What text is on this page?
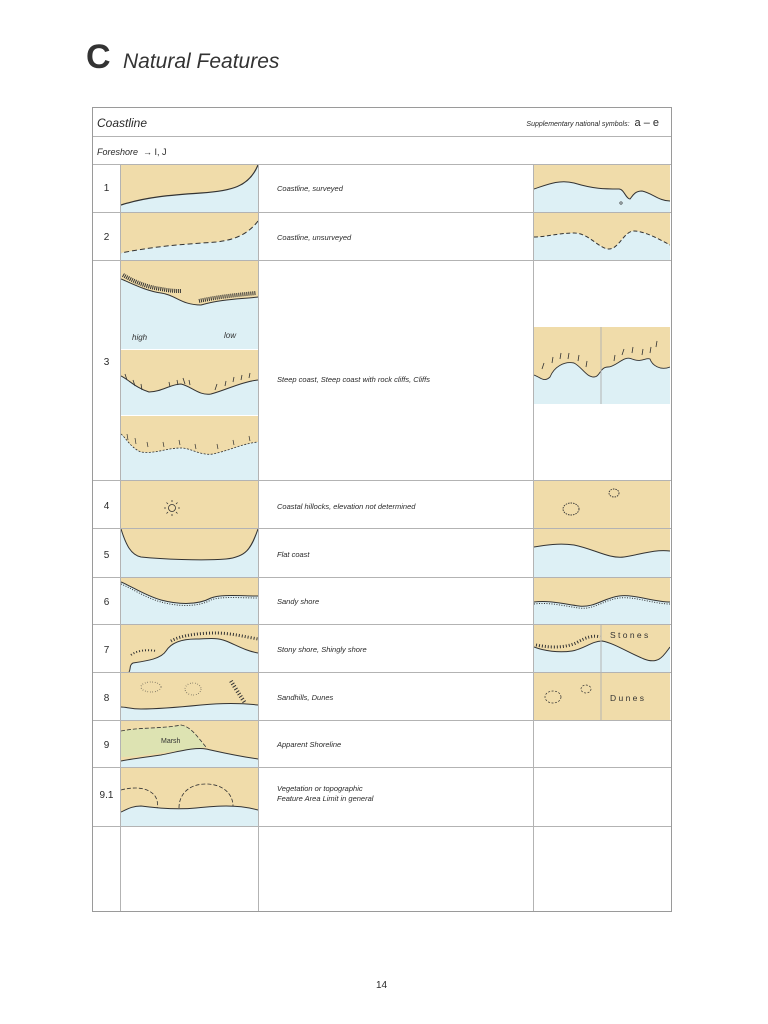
C Natural Features
Coastline	Supplementary national symbols: a – e
Foreshore → I, J
1
2
3
4
5
6
7
8
9
9.1
Coastline, surveyed
Coastline, unsurveyed
Steep coast, Steep coast with rock cliffs, Cliffs
Coastal hillocks, elevation not determined
Flat coast
Sandy shore
Stony shore, Shingly shore
Sandhills, Dunes
Apparent Shoreline
Vegetation or topographic
Feature Area Limit in general
high	low
Marsh
S t o n e s
D u n e s
14
